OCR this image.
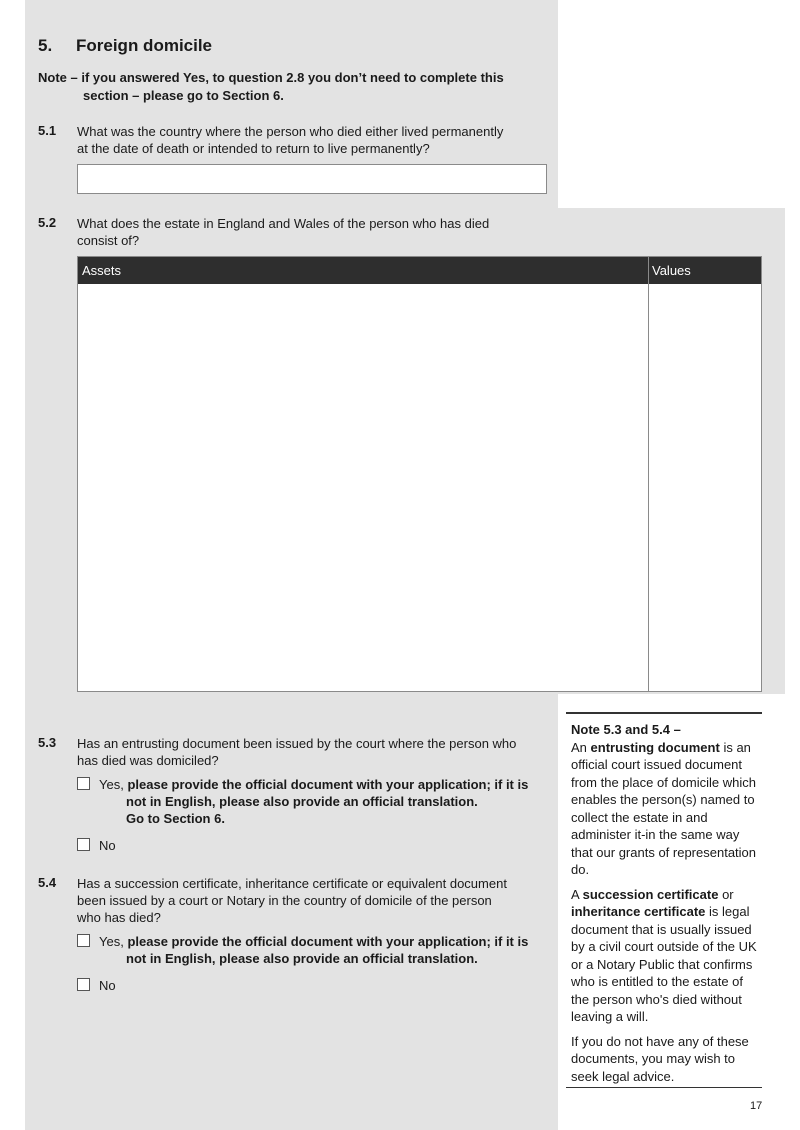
5. Foreign domicile
Note – if you answered Yes, to question 2.8 you don’t need to complete this
section – please go to Section 6.
5.1 What was the country where the person who died either lived permanently
at the date of death or intended to return to live permanently?
5.2 What does the estate in England and Wales of the person who has died
consist of?
Assets	Values
5.3 Has an entrusting document been issued by the court where the person who
has died was domiciled?
Yes, please provide the official document with your application; if it is
not in English, please also provide an official translation.
Go to Section 6.
No
5.4 Has a succession certificate, inheritance certificate or equivalent document
been issued by a court or Notary in the country of domicile of the person
who has died?
Yes, please provide the official document with your application; if it is
not in English, please also provide an official translation.
No

Note 5.3 and 5.4 –

An entrusting document is an official court issued document from the place of domicile which enables the person(s) named to collect the estate in and administer it-in the same way that our grants of representation do.

A succession certificate or inheritance certificate is legal document that is usually issued by a civil court outside of the UK or a Notary Public that confirms who is entitled to the estate of the person who's died without leaving a will.

If you do not have any of these documents, you may wish to seek legal advice.

17
